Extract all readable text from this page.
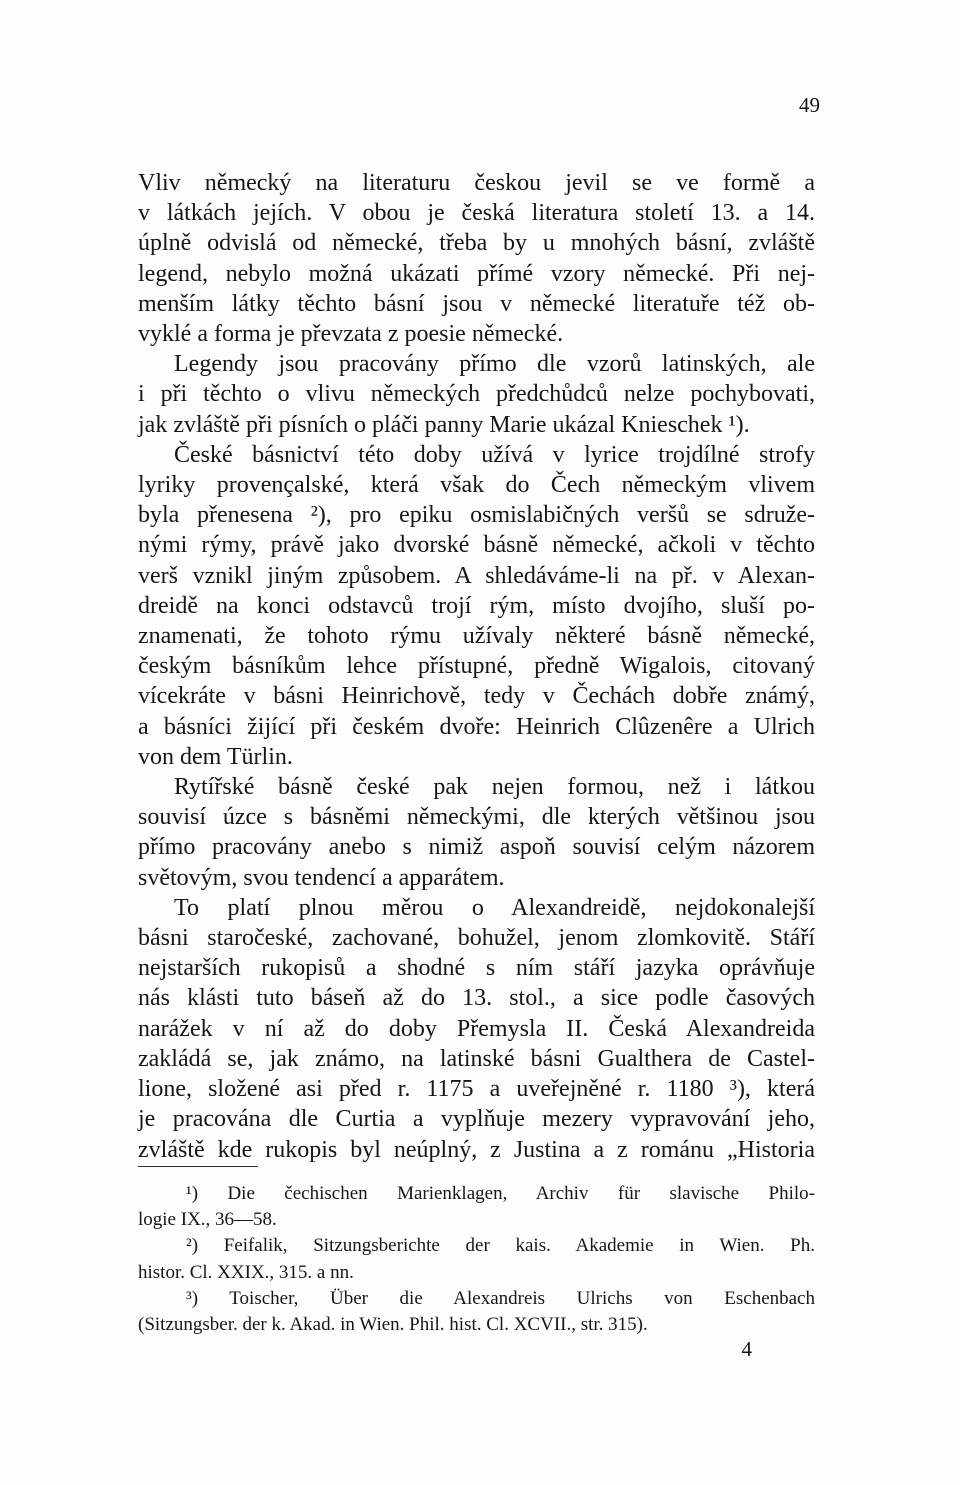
49
Vliv německý na literaturu českou jevil se ve formě a
v látkách jejích. V obou je česká literatura století 13. a 14.
úplně odvislá od německé, třeba by u mnohých básní, zvláště
legend, nebylo možná ukázati přímé vzory německé. Při nej-
menším látky těchto básní jsou v německé literatuře též ob-
vyklé a forma je převzata z poesie německé.
Legendy jsou pracovány přímo dle vzorů latinských, ale
i při těchto o vlivu německých předchůdců nelze pochybovati,
jak zvláště při písních o pláči panny Marie ukázal Knieschek ¹).
České básnictví této doby užívá v lyrice trojdílné strofy
lyriky provençalské, která však do Čech německým vlivem
byla přenesena ²), pro epiku osmislabičných veršů se sdruže-
nými rýmy, právě jako dvorské básně německé, ačkoli v těchto
verš vznikl jiným způsobem. A shledáváme-li na př. v Alexan-
dreidě na konci odstavců trojí rým, místo dvojího, sluší po-
znamenati, že tohoto rýmu užívaly některé básně německé,
českým básníkům lehce přístupné, předně Wigalois, citovaný
vícekráte v básni Heinrichově, tedy v Čechách dobře známý,
a básníci žijící při českém dvoře: Heinrich Clûzenêre a Ulrich
von dem Türlin.
Rytířské básně české pak nejen formou, než i látkou
souvisí úzce s básněmi německými, dle kterých většinou jsou
přímo pracovány anebo s nimiž aspoň souvisí celým názorem
světovým, svou tendencí a apparátem.
To platí plnou měrou o Alexandreidě, nejdokonalejší
básni staročeské, zachované, bohužel, jenom zlomkovitě. Stáří
nejstarších rukopisů a shodné s ním stáří jazyka oprávňuje
nás klásti tuto báseň až do 13. stol., a sice podle časových
narážek v ní až do doby Přemysla II. Česká Alexandreida
zakládá se, jak známo, na latinské básni Gualthera de Castel-
lione, složené asi před r. 1175 a uveřejněné r. 1180 ³), která
je pracována dle Curtia a vyplňuje mezery vypravování jeho,
zvláště kde rukopis byl neúplný, z Justina a z románu „Historia
¹) Die čechischen Marienklagen, Archiv für slavische Philo-
logie IX., 36—58.
²) Feifalik, Sitzungsberichte der kais. Akademie in Wien. Ph.
histor. Cl. XXIX., 315. a nn.
³) Toischer, Über die Alexandreis Ulrichs von Eschenbach
(Sitzungsber. der k. Akad. in Wien. Phil. hist. Cl. XCVII., str. 315).
4
